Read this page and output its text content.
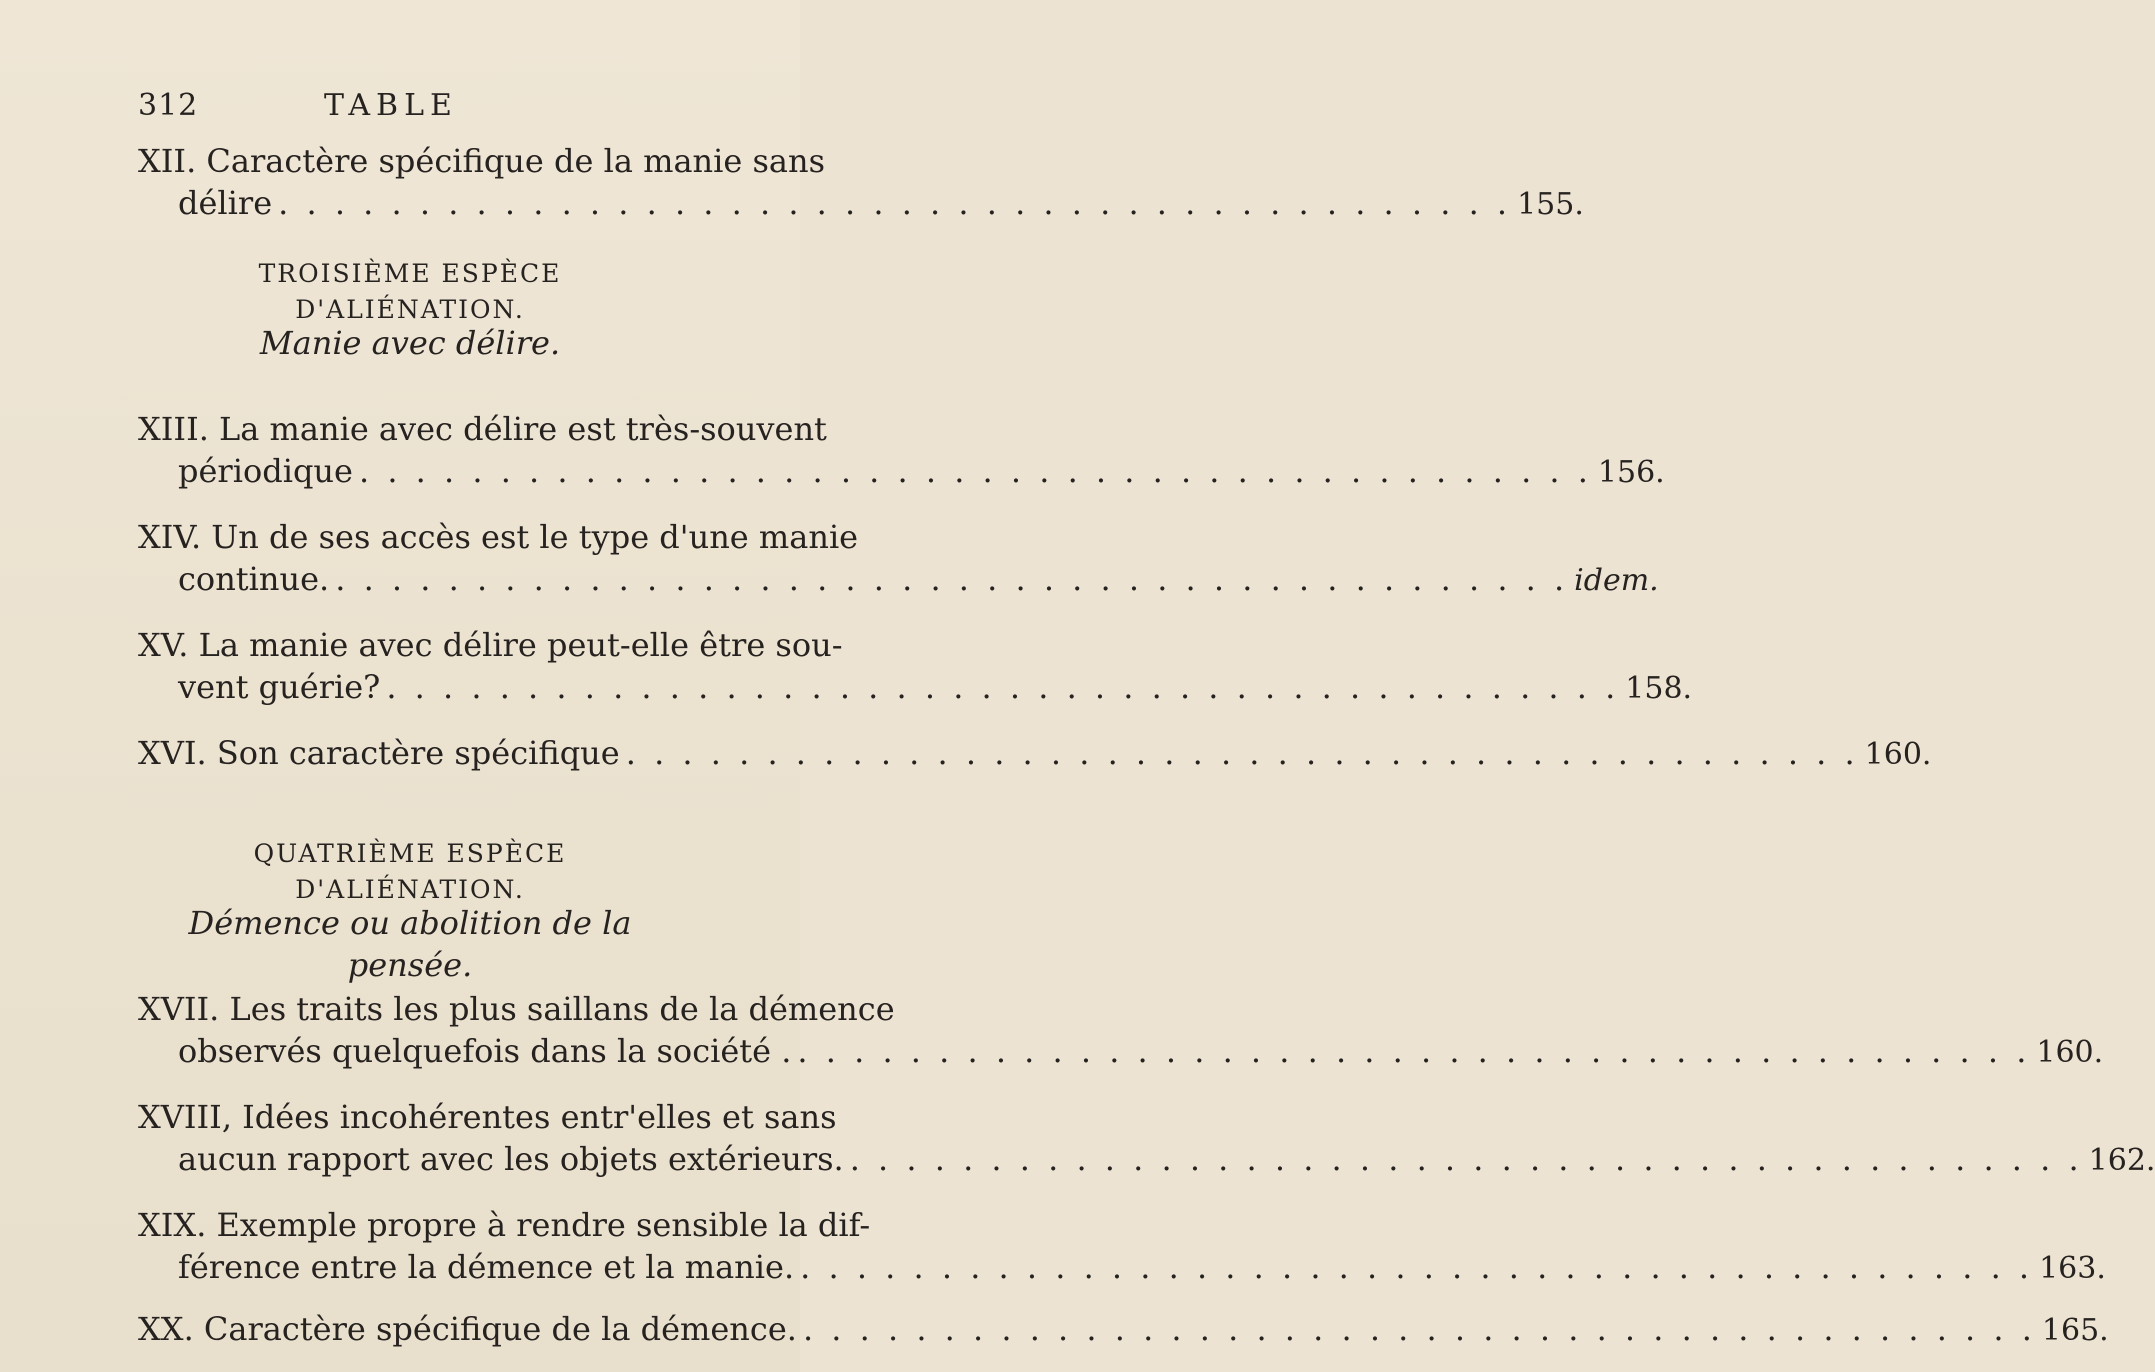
312	TABLE
XII. Caractère spécifique de la manie sans
délire . . .	155.
TROISIÈME ESPÈCE D'ALIÉNATION.
Manie avec délire.
XIII. La manie avec délire est très-souvent
périodique . . .	156.
XIV. Un de ses accès est le type d'une manie
continue. . . .	idem.
XV. La manie avec délire peut-elle être sou-
vent guérie? . . .	158.
XVI. Son caractère spécifique . . .	160.
QUATRIÈME ESPÈCE D'ALIÉNATION.
Démence ou abolition de la pensée.
XVII. Les traits les plus saillans de la démence
observés quelquefois dans la société . . . .	160.
XVIII, Idées incohérentes entr'elles et sans
aucun rapport avec les objets extérieurs. . . .	162.
XIX. Exemple propre à rendre sensible la dif-
férence entre la démence et la manie. . . .	163.
XX. Caractère spécifique de la démence. . . .	165.
